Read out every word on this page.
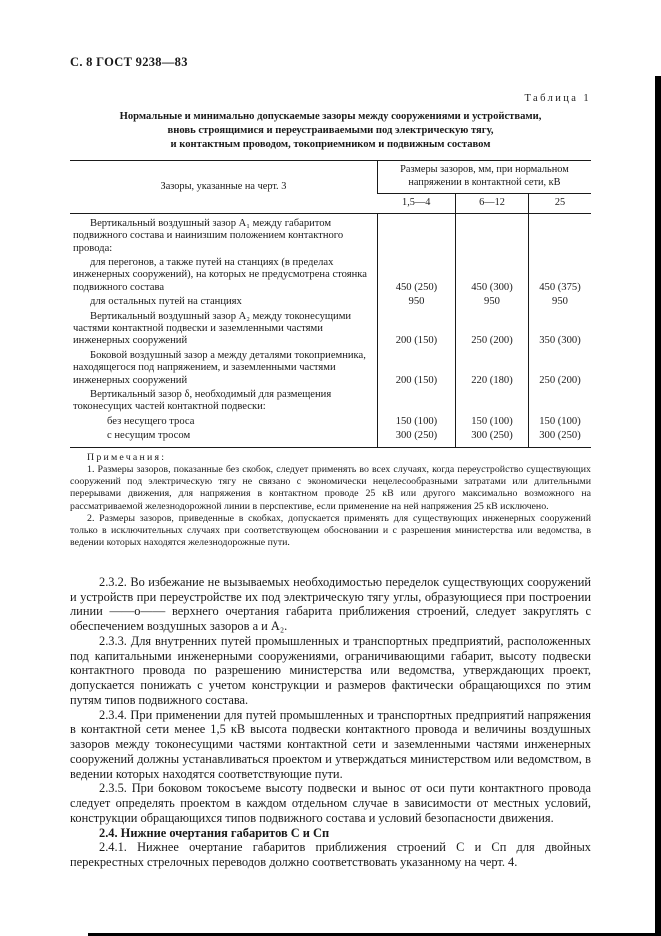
С. 8 ГОСТ 9238—83
Таблица 1
Нормальные и минимально допускаемые зазоры между сооружениями и устройствами,
вновь строящимися и переустраиваемыми под электрическую тягу,
и контактным проводом, токоприемником и подвижным составом
Зазоры, указанные на черт. 3	Размеры зазоров, мм, при нормальном напряжении в контактной сети, кВ		
	1,5—4	6—12	25
Вертикальный воздушный зазор А₁ между габаритом подвижного состава и наинизшим положением контактного провода:			
для перегонов, а также путей на станциях (в пределах инженерных сооружений), на которых не предусмотрена стоянка подвижного состава	450 (250)	450 (300)	450 (375)
для остальных путей на станциях	950	950	950
Вертикальный воздушный зазор А₂ между токонесущими частями контактной подвески и заземленными частями инженерных сооружений	200 (150)	250 (200)	350 (300)
Боковой воздушный зазор а между деталями токоприемника, находящегося под напряжением, и заземленными частями инженерных сооружений	200 (150)	220 (180)	250 (200)
Вертикальный зазор δ, необходимый для размещения токонесущих частей контактной подвески:			
без несущего троса	150 (100)	150 (100)	150 (100)
с несущим тросом	300 (250)	300 (250)	300 (250)
Примечания:

1. Размеры зазоров, показанные без скобок, следует применять во всех случаях, когда переустройство существующих сооружений под электрическую тягу не связано с экономически нецелесообразными затратами или длительными перерывами движения, для напряжения в контактном проводе 25 кВ или другого максимально возможного на рассматриваемой железнодорожной линии в перспективе, если применение на ней напряжения 25 кВ исключено.

2. Размеры зазоров, приведенные в скобках, допускается применять для существующих инженерных сооружений только в исключительных случаях при соответствующем обосновании и с разрешения министерства или ведомства, в ведении которых находятся железнодорожные пути.

2.3.2. Во избежание не вызываемых необходимостью переделок существующих сооружений и устройств при переустройстве их под электрическую тягу углы, образующиеся при построении линии ——о—— верхнего очертания габарита приближения строений, следует закруглять с обеспечением воздушных зазоров а и А₂.

2.3.3. Для внутренних путей промышленных и транспортных предприятий, расположенных под капитальными инженерными сооружениями, ограничивающими габарит, высоту подвески контактного провода по разрешению министерства или ведомства, утверждающих проект, допускается понижать с учетом конструкции и размеров фактически обращающихся по этим путям типов подвижного состава.

2.3.4. При применении для путей промышленных и транспортных предприятий напряжения в контактной сети менее 1,5 кВ высота подвески контактного провода и величины воздушных зазоров между токонесущими частями контактной сети и заземленными частями инженерных сооружений должны устанавливаться проектом и утверждаться министерством или ведомством, в ведении которых находятся соответствующие пути.

2.3.5. При боковом токосъеме высоту подвески и вынос от оси пути контактного провода следует определять проектом в каждом отдельном случае в зависимости от местных условий, конструкции обращающихся типов подвижного состава и условий безопасности движения.

2.4. Нижние очертания габаритов С и Сп

2.4.1. Нижнее очертание габаритов приближения строений С и Сп для двойных перекрестных стрелочных переводов должно соответствовать указанному на черт. 4.
